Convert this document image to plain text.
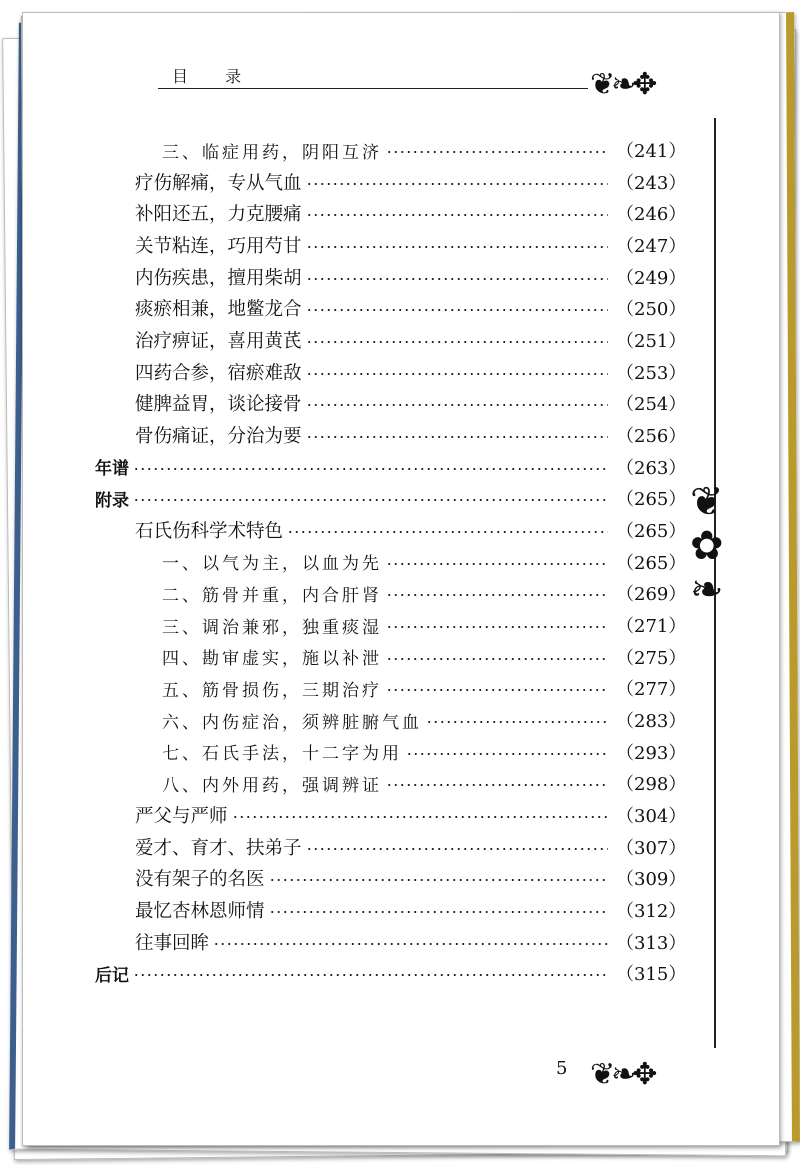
目 录	❦❧✥
❦
✿
❧
❦❧✥
三、临症用药，阴阳互济	（241）
疗伤解痛，专从气血	（243）
补阳还五，力克腰痛	（246）
关节粘连，巧用芍甘	（247）
内伤疾患，擅用柴胡	（249）
痰瘀相兼，地鳖龙合	（250）
治疗痹证，喜用黄芪	（251）
四药合参，宿瘀难敌	（253）
健脾益胃，谈论接骨	（254）
骨伤痛证，分治为要	（256）
年谱	（263）
附录	（265）
石氏伤科学术特色	（265）
一、以气为主，以血为先	（265）
二、筋骨并重，内合肝肾	（269）
三、调治兼邪，独重痰湿	（271）
四、勘审虚实，施以补泄	（275）
五、筋骨损伤，三期治疗	（277）
六、内伤症治，须辨脏腑气血	（283）
七、石氏手法，十二字为用	（293）
八、内外用药，强调辨证	（298）
严父与严师	（304）
爱才、育才、扶弟子	（307）
没有架子的名医	（309）
最忆杏林恩师情	（312）
往事回眸	（313）
后记	（315）
5
